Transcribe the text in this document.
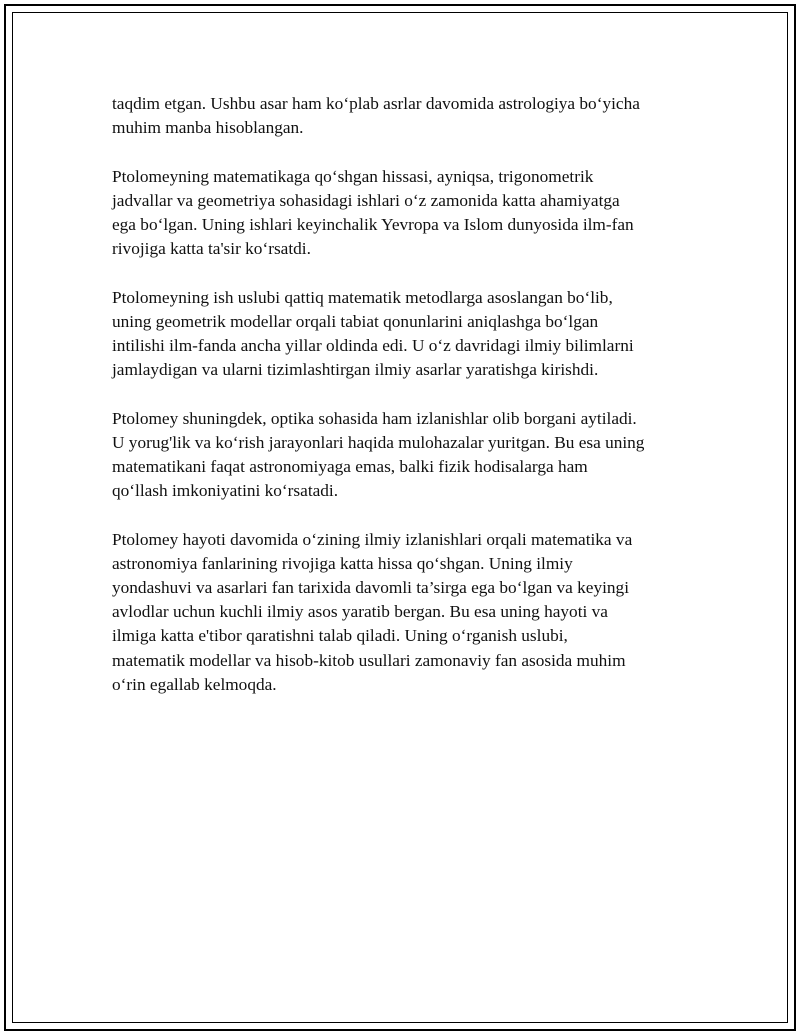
taqdim etgan. Ushbu asar ham ko‘plab asrlar davomida astrologiya bo‘yicha
muhim manba hisoblangan.

Ptolomeyning matematikaga qo‘shgan hissasi, ayniqsa, trigonometrik
jadvallar va geometriya sohasidagi ishlari o‘z zamonida katta ahamiyatga
ega bo‘lgan. Uning ishlari keyinchalik Yevropa va Islom dunyosida ilm-fan
rivojiga katta ta'sir ko‘rsatdi.

Ptolomeyning ish uslubi qattiq matematik metodlarga asoslangan bo‘lib,
uning geometrik modellar orqali tabiat qonunlarini aniqlashga bo‘lgan
intilishi ilm-fanda ancha yillar oldinda edi. U o‘z davridagi ilmiy bilimlarni
jamlaydigan va ularni tizimlashtirgan ilmiy asarlar yaratishga kirishdi.

Ptolomey shuningdek, optika sohasida ham izlanishlar olib borgani aytiladi.
U yorug'lik va ko‘rish jarayonlari haqida mulohazalar yuritgan. Bu esa uning
matematikani faqat astronomiyaga emas, balki fizik hodisalarga ham
qo‘llash imkoniyatini ko‘rsatadi.

Ptolomey hayoti davomida o‘zining ilmiy izlanishlari orqali matematika va
astronomiya fanlarining rivojiga katta hissa qo‘shgan. Uning ilmiy
yondashuvi va asarlari fan tarixida davomli ta’sirga ega bo‘lgan va keyingi
avlodlar uchun kuchli ilmiy asos yaratib bergan. Bu esa uning hayoti va
ilmiga katta e'tibor qaratishni talab qiladi. Uning o‘rganish uslubi,
matematik modellar va hisob-kitob usullari zamonaviy fan asosida muhim
o‘rin egallab kelmoqda.
